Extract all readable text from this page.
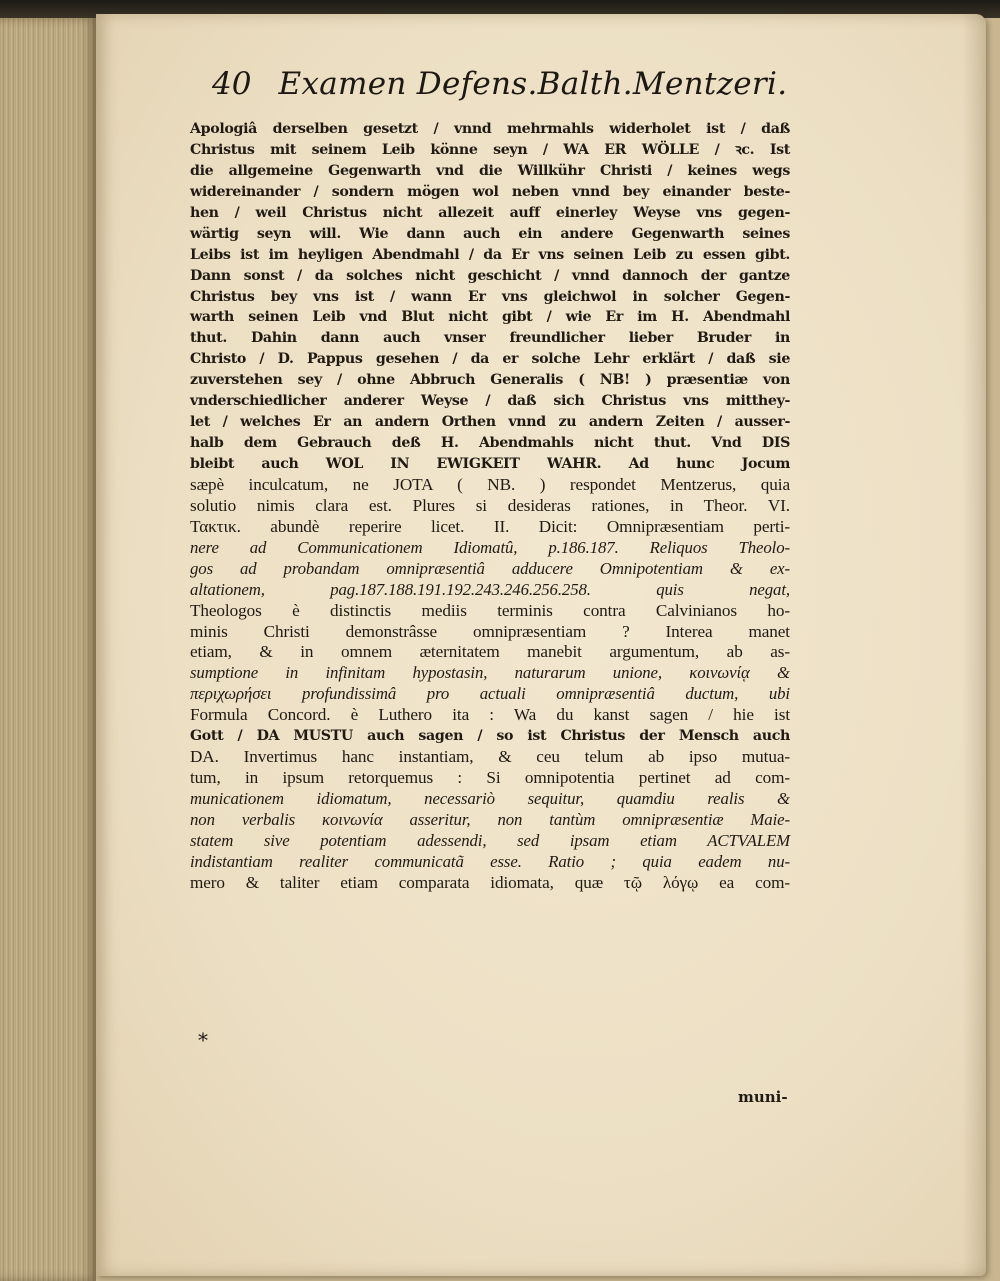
40 Examen Defens.Balth.Mentzeri.
Apologiâ derselben gesetzt / vnnd mehrmahls widerholet ist / daß
Christus mit seinem Leib könne seyn / WA ER WÖLLE / ꝛc. Ist
die allgemeine Gegenwarth vnd die Willkühr Christi / keines wegs
widereinander / sondern mögen wol neben vnnd bey einander beste-
hen / weil Christus nicht allezeit auff einerley Weyse vns gegen-
wärtig seyn will. Wie dann auch ein andere Gegenwarth seines
Leibs ist im heyligen Abendmahl / da Er vns seinen Leib zu essen gibt.
Dann sonst / da solches nicht geschicht / vnnd dannoch der gantze
Christus bey vns ist / wann Er vns gleichwol in solcher Gegen-
warth seinen Leib vnd Blut nicht gibt / wie Er im H. Abendmahl
thut. Dahin dann auch vnser freundlicher lieber Bruder in
Christo / D. Pappus gesehen / da er solche Lehr erklärt / daß sie
zuverstehen sey / ohne Abbruch Generalis ( NB! ) præsentiæ von
vnderschiedlicher anderer Weyse / daß sich Christus vns mitthey-
let / welches Er an andern Orthen vnnd zu andern Zeiten / ausser-
halb dem Gebrauch deß H. Abendmahls nicht thut. Vnd DIS
bleibt auch WOL IN EWIGKEIT WAHR. Ad hunc Jocum
sæpè inculcatum, ne JOTA ( NB. ) respondet Mentzerus, quia
solutio nimis clara est. Plures si desideras rationes, in Theor. VI.
Τακτικ. abundè reperire licet. II. Dicit: Omnipræsentiam perti-
nere ad Communicationem Idiomatû, p.186.187. Reliquos Theolo-
gos ad probandam omnipræsentiâ adducere Omnipotentiam & ex-
altationem, pag.187.188.191.192.243.246.256.258. quis negat,
Theologos è distinctis mediis terminis contra Calvinianos ho-
minis Christi demonstrâsse omnipræsentiam ? Interea manet
etiam, & in omnem æternitatem manebit argumentum, ab as-
sumptione in infinitam hypostasin, naturarum unione, κοινωνίᾳ &
περιχωρήσει profundissimâ pro actuali omnipræsentiâ ductum, ubi
Formula Concord. è Luthero ita : Wa du kanst sagen / hie ist
Gott / DA MUSTU auch sagen / so ist Christus der Mensch auch
DA. Invertimus hanc instantiam, & ceu telum ab ipso mutua-
tum, in ipsum retorquemus : Si omnipotentia pertinet ad com-
municationem idiomatum, necessariò sequitur, quamdiu realis &
non verbalis κοινωνία asseritur, non tantùm omnipræsentiæ Maie-
statem sive potentiam adessendi, sed ipsam etiam ACTVALEM
indistantiam realiter communicatã esse. Ratio ; quia eadem nu-
mero & taliter etiam comparata idiomata, quæ τῷ λόγῳ ea com-
*
muni-
